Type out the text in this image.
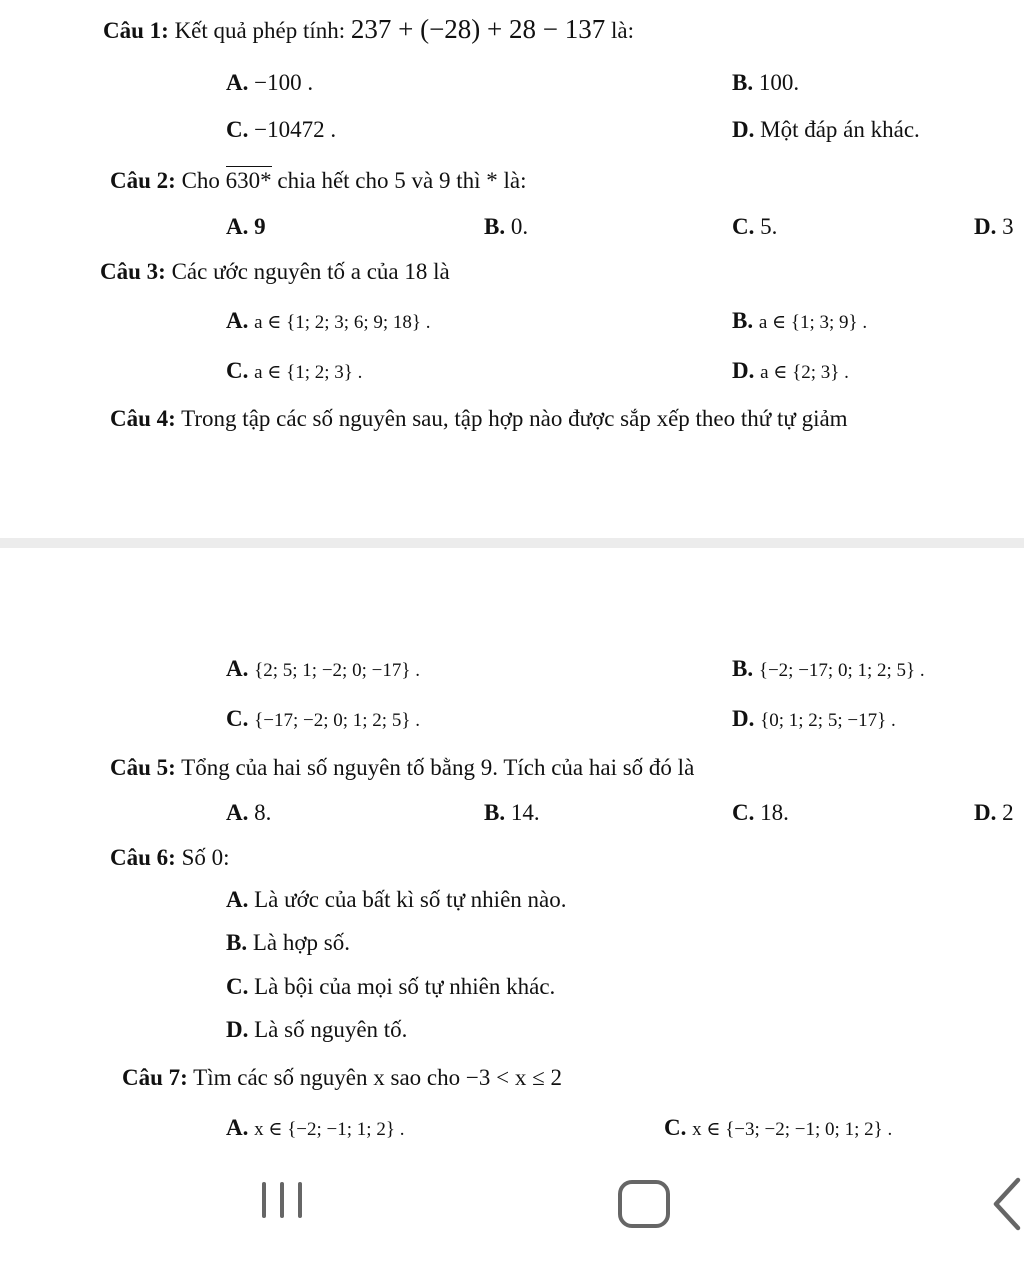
Câu 1: Kết quả phép tính: 237 + (−28) + 28 − 137 là:
A. −100 .	B. 100.
C. −10472 .	D. Một đáp án khác.
Câu 2: Cho 630* chia hết cho 5 và 9 thì * là:
A. 9	B. 0.	C. 5.	D. 3
Câu 3: Các ước nguyên tố a của 18 là
A. a ∈ {1; 2; 3; 6; 9; 18} .	B. a ∈ {1; 3; 9} .
C. a ∈ {1; 2; 3} .	D. a ∈ {2; 3} .
Câu 4: Trong tập các số nguyên sau, tập hợp nào được sắp xếp theo thứ tự giảm
A. {2; 5; 1; −2; 0; −17} .	B. {−2; −17; 0; 1; 2; 5} .
C. {−17; −2; 0; 1; 2; 5} .	D. {0; 1; 2; 5; −17} .
Câu 5: Tổng của hai số nguyên tố bằng 9. Tích của hai số đó là
A. 8.	B. 14.	C. 18.	D. 2
Câu 6: Số 0:
A. Là ước của bất kì số tự nhiên nào.
B. Là hợp số.
C. Là bội của mọi số tự nhiên khác.
D. Là số nguyên tố.
Câu 7: Tìm các số nguyên x sao cho −3 < x ≤ 2
A. x ∈ {−2; −1; 1; 2} .	C. x ∈ {−3; −2; −1; 0; 1; 2} .
